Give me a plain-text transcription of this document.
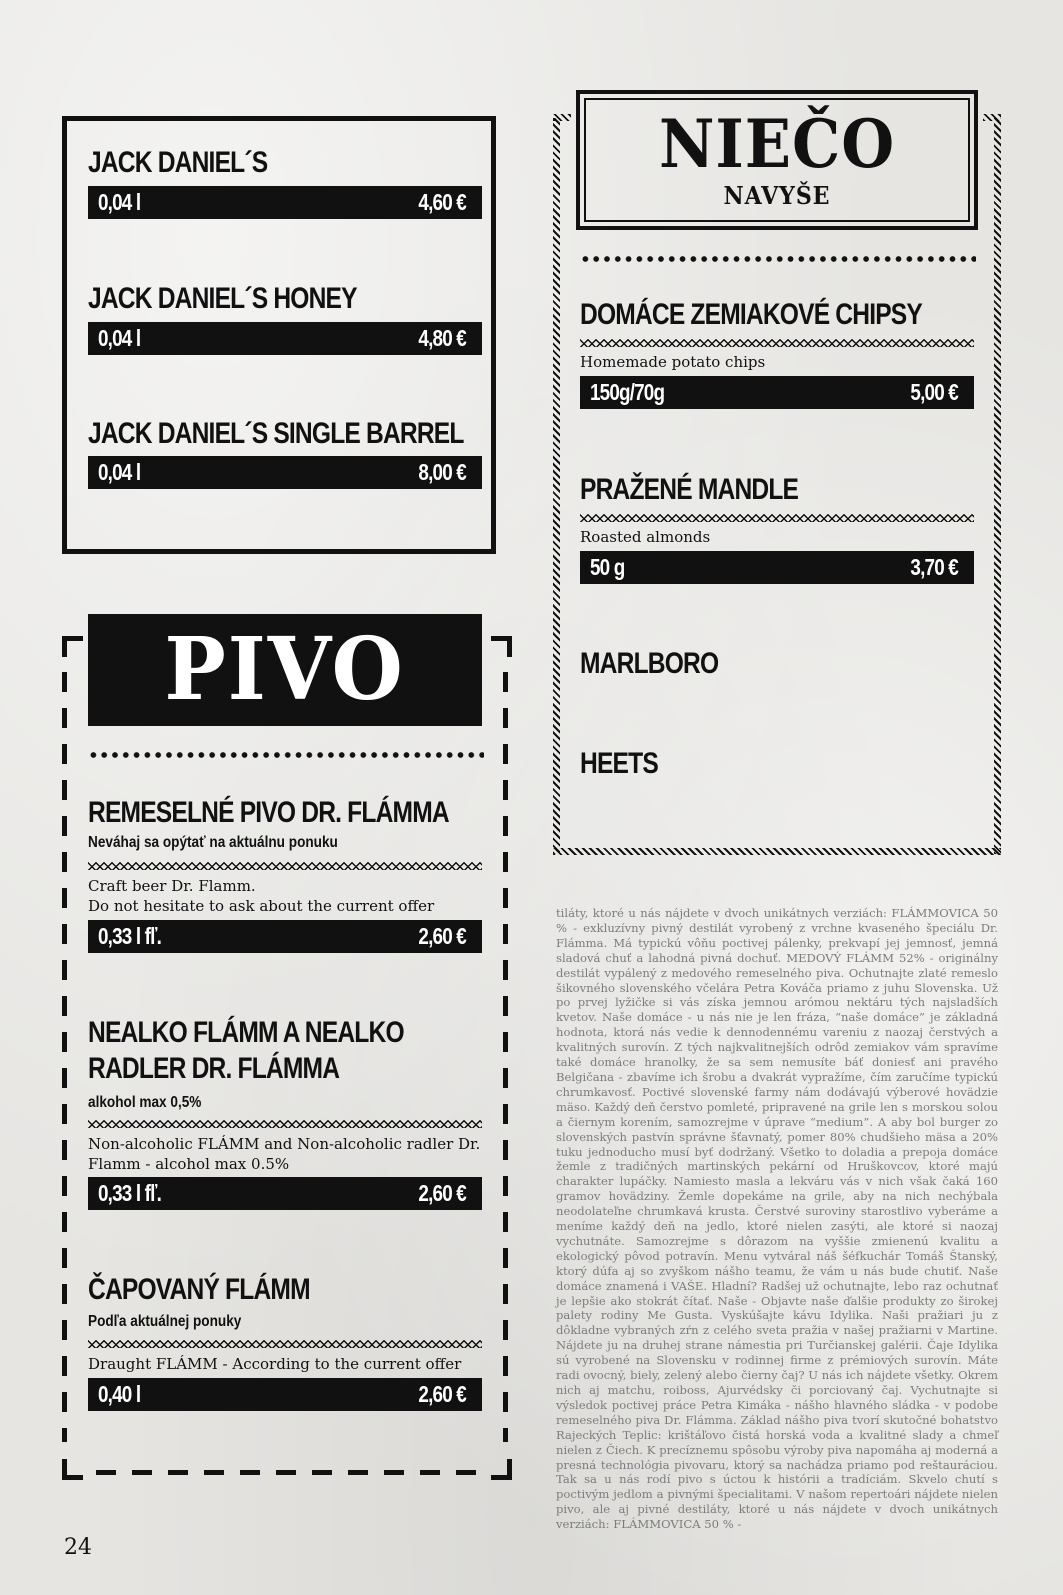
JACK DANIEL´S
0,04 l	4,60 €
JACK DANIEL´S HONEY
0,04 l	4,80 €
JACK DANIEL´S SINGLE BARREL
0,04 l	8,00 €
PIVO
REMESELNÉ PIVO DR. FLÁMMA
Neváhaj sa opýtať na aktuálnu ponuku
Craft beer Dr. Flamm.
Do not hesitate to ask about the current offer
0,33 l fľ.	2,60 €
NEALKO FLÁMM A NEALKO
RADLER DR. FLÁMMA
alkohol max 0,5%
Non-alcoholic FLÁMM and Non-alcoholic radler Dr.
Flamm - alcohol max 0.5%
0,33 l fľ.	2,60 €
ČAPOVANÝ FLÁMM
Podľa aktuálnej ponuky
Draught FLÁMM - According to the current offer
0,40 l	2,60 €
NIEČO
NAVYŠE
DOMÁCE ZEMIAKOVÉ CHIPSY
Homemade potato chips
150g/70g	5,00 €
PRAŽENÉ MANDLE
Roasted almonds
50 g	3,70 €
MARLBORO
HEETS
tiláty, ktoré u nás nájdete v dvoch unikátnych verziách: FLÁMMOVICA 50 % - exkluzívny pivný destilát vyrobený z vrchne kvaseného špeciálu Dr. Flámma. Má typickú vôňu poctivej pálenky, prekvapí jej jemnosť, jemná sladová chuť a lahodná pivná dochuť. MEDOVÝ FLÁMM 52% - originálny destilát vypálený z medového remeselného piva. Ochutnajte zlaté remeslo šikovného slovenského včelára Petra Kováča priamo z juhu Slovenska. Už po prvej lyžičke si vás získa jemnou arómou nektáru tých najsladších kvetov. Naše domáce - u nás nie je len fráza, “naše domáce” je základná hodnota, ktorá nás vedie k dennodennému vareniu z naozaj čerstvých a kvalitných surovín. Z tých najkvalitnejších odrôd zemiakov vám spravíme také domáce hranolky, že sa sem nemusíte báť doniesť ani pravého Belgičana - zbavíme ich šrobu a dvakrát vypražíme, čím zaručíme typickú chrumkavosť. Poctivé slovenské farmy nám dodávajú výberové hovädzie mäso. Každý deň čerstvo pomleté, pripravené na grile len s morskou solou a čiernym korením, samozrejme v úprave “medium”. A aby bol burger zo slovenských pastvín správne šťavnatý, pomer 80% chudšieho mäsa a 20% tuku jednoducho musí byť dodržaný. Všetko to doladia a prepoja domáce žemle z tradičných martinských pekární od Hruškovcov, ktoré majú charakter lupáčky. Namiesto masla a lekváru vás v nich však čaká 160 gramov hovädziny. Žemle dopekáme na grile, aby na nich nechýbala neodolateľne chrumkavá krusta. Čerstvé suroviny starostlivo vyberáme a meníme každý deň na jedlo, ktoré nielen zasýti, ale ktoré si naozaj vychutnáte. Samozrejme s dôrazom na vyššie zmienenú kvalitu a ekologický pôvod potravín. Menu vytváral náš šéfkuchár Tomáš Štanský, ktorý dúfa aj so zvyškom nášho teamu, že vám u nás bude chutiť. Naše domáce znamená i VAŠE. Hladní? Radšej už ochutnajte, lebo raz ochutnať je lepšie ako stokrát čítať. Naše - Objavte naše ďalšie produkty zo širokej palety rodiny Me Gusta. Vyskúšajte kávu Idylika. Naši pražiari ju z dôkladne vybraných zŕn z celého sveta pražia v našej pražiarni v Martine. Nájdete ju na druhej strane námestia pri Turčianskej galérii. Čaje Idylika sú vyrobené na Slovensku v rodinnej firme z prémiových surovín. Máte radi ovocný, biely, zelený alebo čierny čaj? U nás ich nájdete všetky. Okrem nich aj matchu, roiboss, Ajurvédsky či porciovaný čaj. Vychutnajte si výsledok poctivej práce Petra Kimáka - nášho hlavného sládka - v podobe remeselného piva Dr. Flámma. Základ nášho piva tvorí skutočné bohatstvo Rajeckých Teplic: krištáľovo čistá horská voda a kvalitné slady a chmeľ nielen z Čiech. K precíznemu spôsobu výroby piva napomáha aj moderná a presná technológia pivovaru, ktorý sa nachádza priamo pod reštauráciou. Tak sa u nás rodí pivo s úctou k histórii a tradíciám. Skvelo chutí s poctivým jedlom a pivnými špecialitami. V našom repertoári nájdete nielen pivo, ale aj pivné destiláty, ktoré u nás nájdete v dvoch unikátnych verziách: FLÁMMOVICA 50 % -
24
